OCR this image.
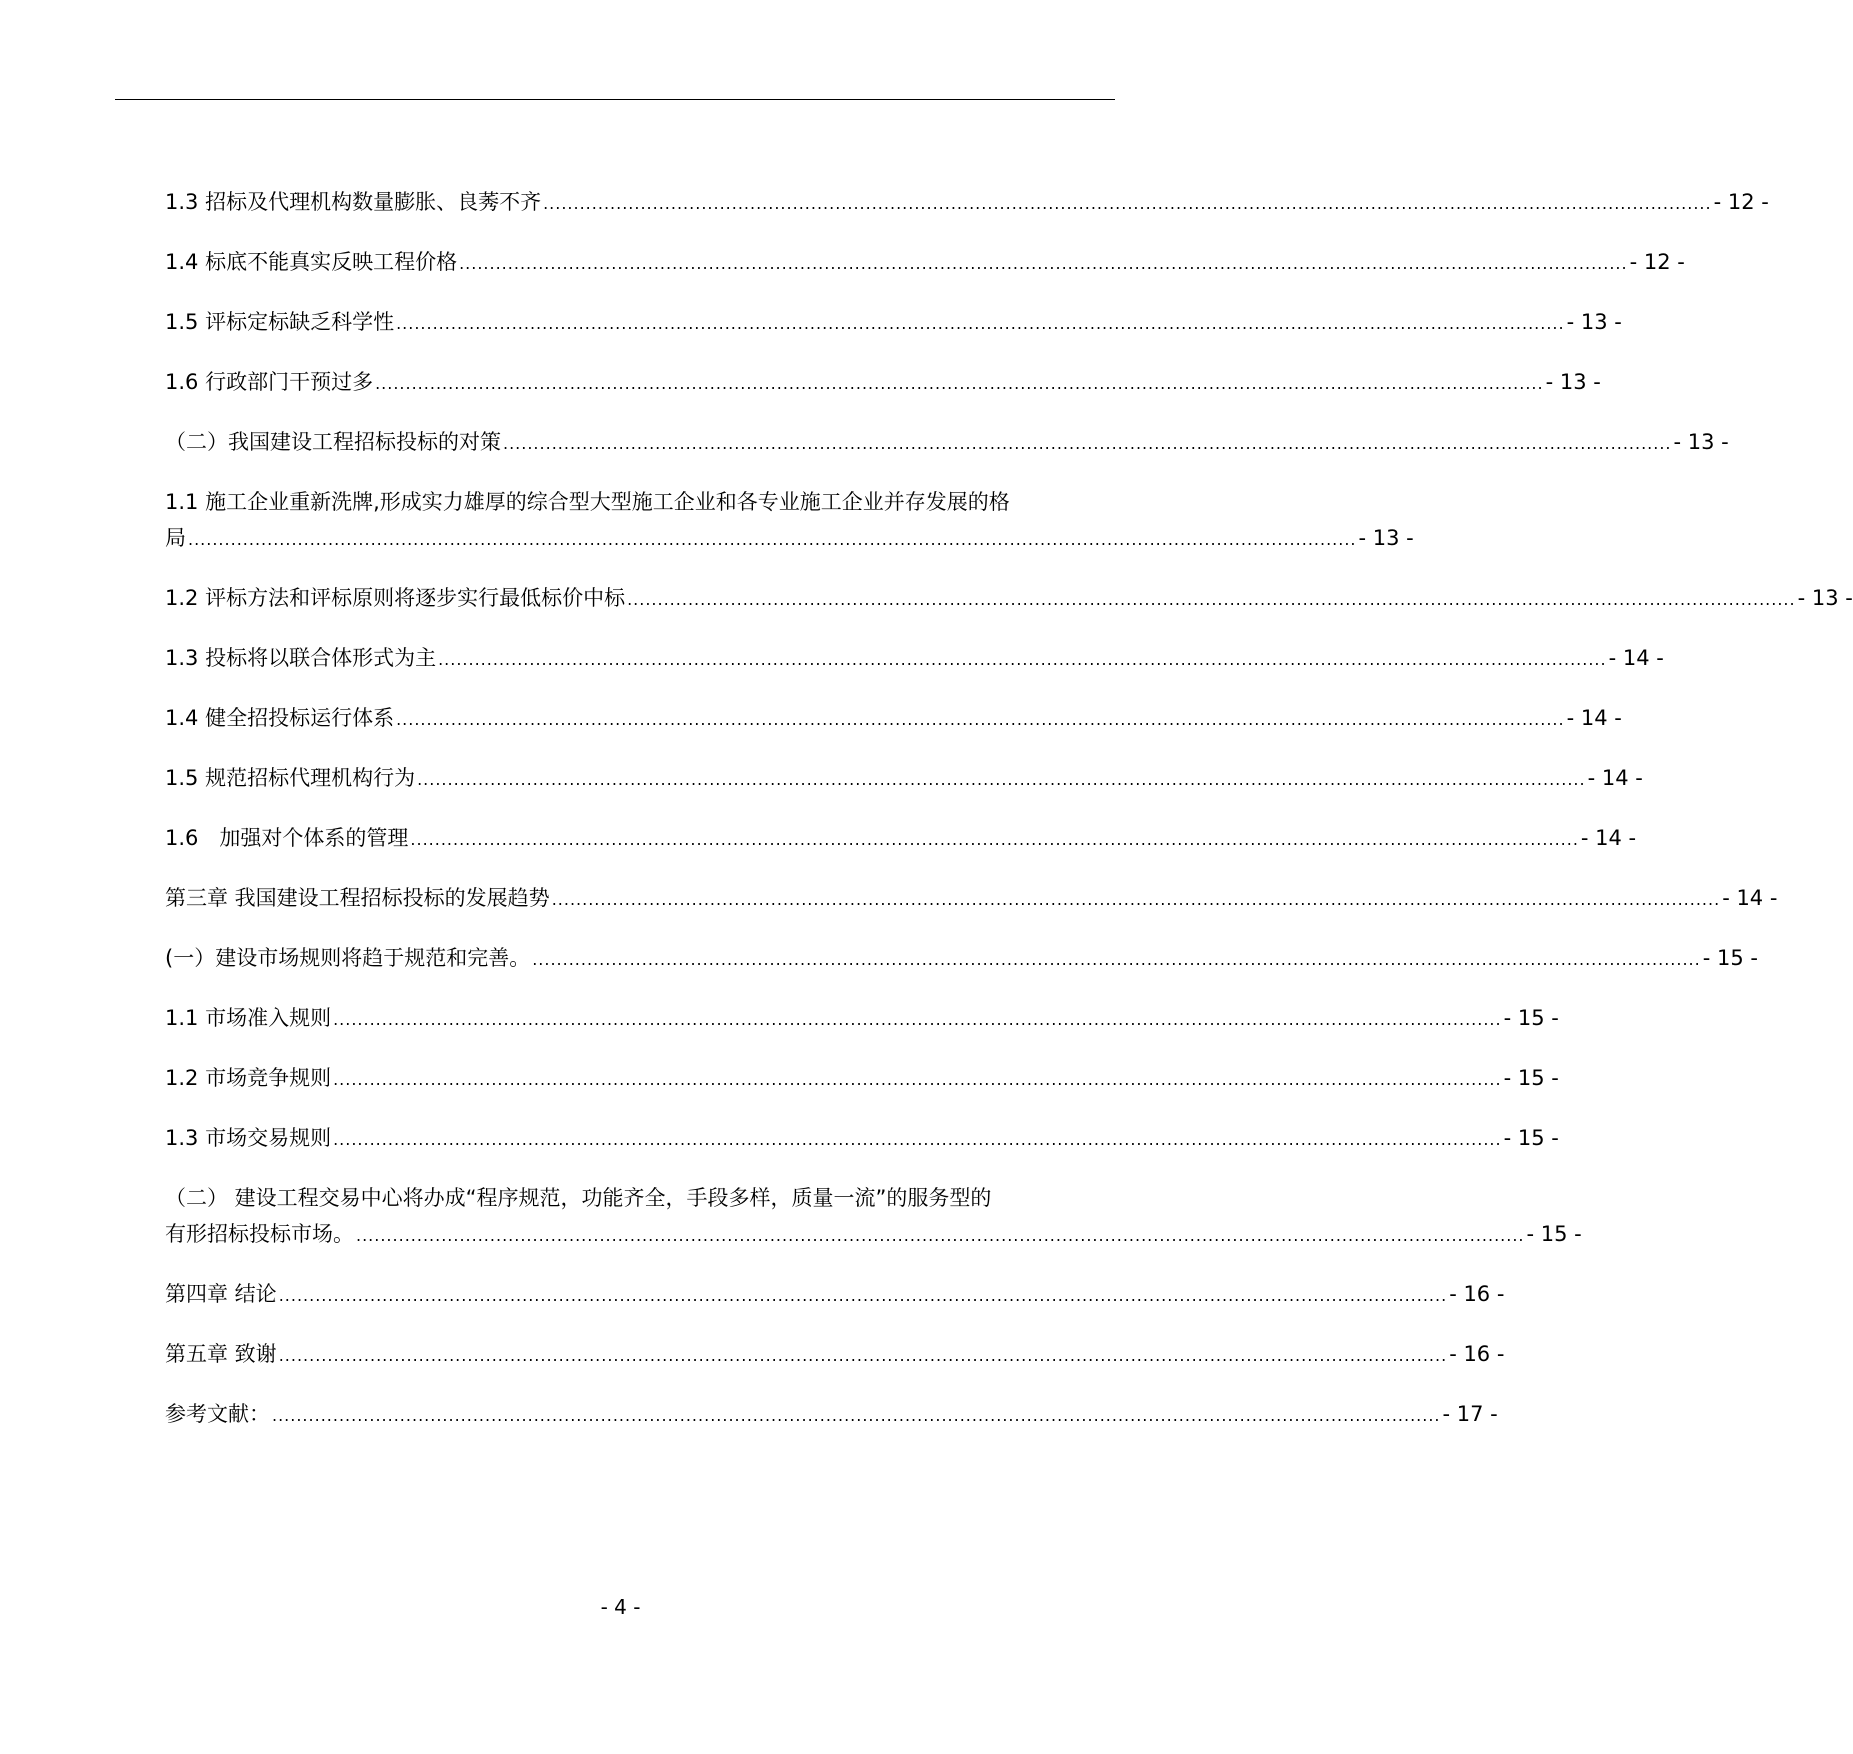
1.3 招标及代理机构数量膨胀、良莠不齐 ................................................................................................................................................................................................ - 12 -
1.4 标底不能真实反映工程价格 ................................................................................................................................................................................................ - 12 -
1.5 评标定标缺乏科学性 ................................................................................................................................................................................................ - 13 -
1.6 行政部门干预过多 ................................................................................................................................................................................................ - 13 -
（二）我国建设工程招标投标的对策 ................................................................................................................................................................................................ - 13 -
1.1 施工企业重新洗牌,形成实力雄厚的综合型大型施工企业和各专业施工企业并存发展的格
局 ................................................................................................................................................................................................ - 13 -
1.2 评标方法和评标原则将逐步实行最低标价中标 ................................................................................................................................................................................................ - 13 -
1.3 投标将以联合体形式为主 ................................................................................................................................................................................................ - 14 -
1.4 健全招投标运行体系 ................................................................................................................................................................................................ - 14 -
1.5 规范招标代理机构行为 ................................................................................................................................................................................................ - 14 -
1.6　加强对个体系的管理 ................................................................................................................................................................................................ - 14 -
第三章 我国建设工程招标投标的发展趋势 ................................................................................................................................................................................................ - 14 -
(一）建设市场规则将趋于规范和完善。 ................................................................................................................................................................................................ - 15 -
1.1 市场准入规则 ................................................................................................................................................................................................ - 15 -
1.2 市场竞争规则 ................................................................................................................................................................................................ - 15 -
1.3 市场交易规则 ................................................................................................................................................................................................ - 15 -
（二） 建设工程交易中心将办成“程序规范，功能齐全，手段多样，质量一流”的服务型的
有形招标投标市场。 ................................................................................................................................................................................................ - 15 -
第四章 结论 ................................................................................................................................................................................................ - 16 -
第五章 致谢 ................................................................................................................................................................................................ - 16 -
参考文献： ................................................................................................................................................................................................ - 17 -
- 4 -
